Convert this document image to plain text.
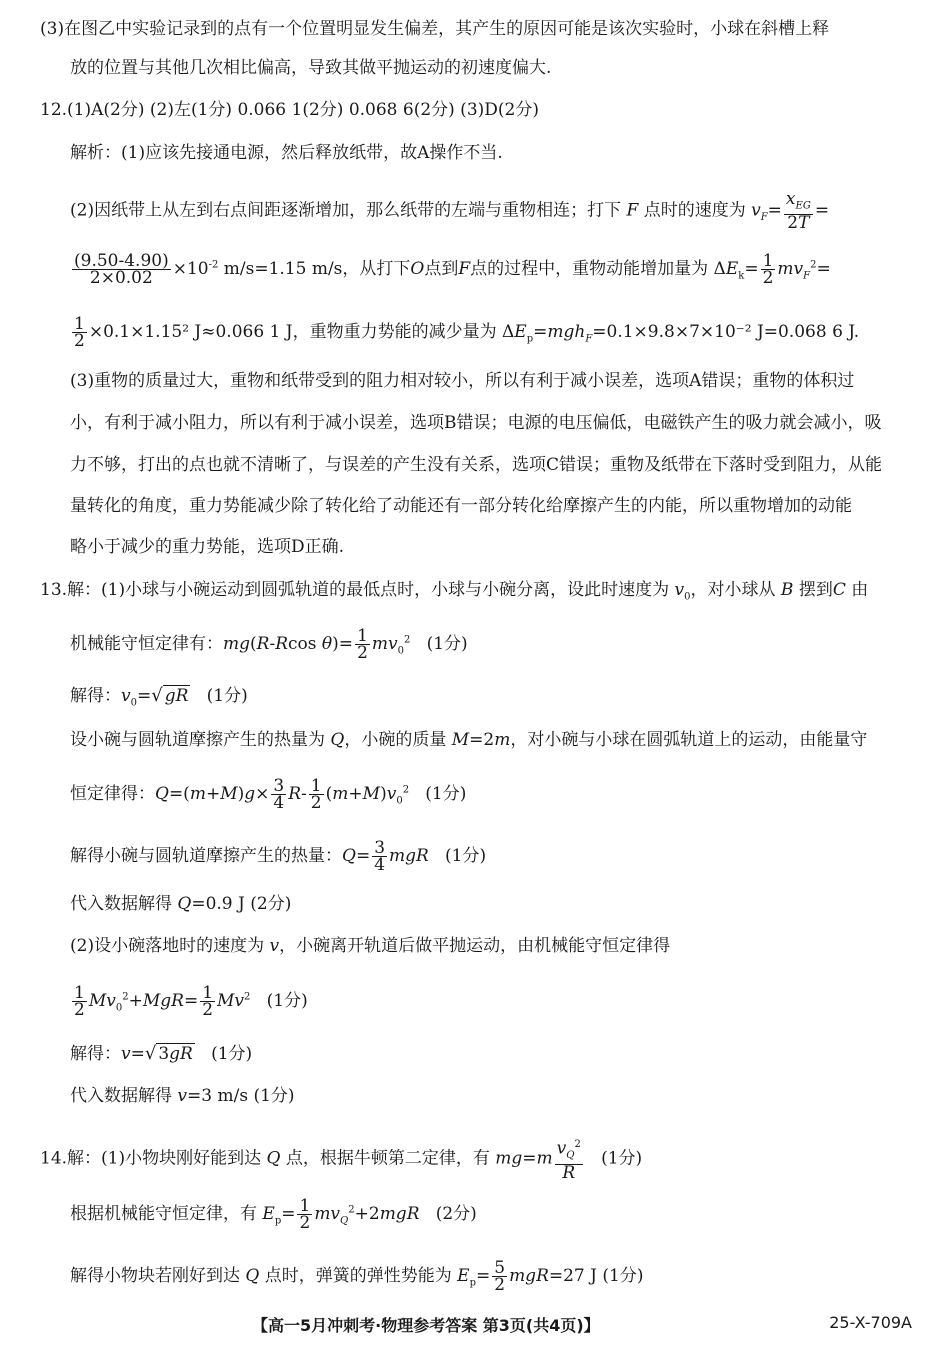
(3)在图乙中实验记录到的点有一个位置明显发生偏差，其产生的原因可能是该次实验时，小球在斜槽上释
放的位置与其他几次相比偏高，导致其做平抛运动的初速度偏大.
12.(1)A(2分) (2)左(1分) 0.066 1(2分) 0.068 6(2分) (3)D(2分)
解析：(1)应该先接通电源，然后释放纸带，故A操作不当.
(2)因纸带上从左到右点间距逐渐增加，那么纸带的左端与重物相连；打下 F 点时的速度为 $v_F=$
$x_{EG}$
2T
=
$\frac{(9.50-4.90)}{2\times 0.02} \times 10^{-2}$ m/s=1.15 m/s，从打下O点到F点的过程中，重物动能增加量为 $\Delta E_k= \frac{1}{2} mv_F^2=$
$\frac{1}{2} \times 0.1\times 1.15^2$ J≈0.066 1 J，重物重力势能的减少量为 $\Delta E_p=mgh_F=0.1\times 9.8\times 7\times 10^{-2}$ J=0.068 6 J.
(3)重物的质量过大，重物和纸带受到的阻力相对较小，所以有利于减小误差，选项A错误；重物的体积过
小，有利于减小阻力，所以有利于减小误差，选项B错误；电源的电压偏低，电磁铁产生的吸力就会减小，吸
力不够，打出的点也就不清晰了，与误差的产生没有关系，选项C错误；重物及纸带在下落时受到阻力，从能
量转化的角度，重力势能减少除了转化给了动能还有一部分转化给摩擦产生的内能，所以重物增加的动能
略小于减少的重力势能，选项D正确.
13.解：(1)小球与小碗运动到圆弧轨道的最低点时，小球与小碗分离，设此时速度为 $v_0$，对小球从 B 摆到C 由
机械能守恒定律有：mg(R-Rcos $\theta)= \frac{1}{2} mv_0^2$ (1分)
解得：$v_0=√$ gR (1分)
设小碗与圆轨道摩擦产生的热量为 Q，小碗的质量 M=2m，对小碗与小球在圆弧轨道上的运动，由能量守
恒定律得：$Q=(m+M)g\times \frac{3}{4} R- \frac{1}{2} (m+M)v_0^2$ (1分)
解得小碗与圆轨道摩擦产生的热量：$Q= \frac{3}{4}$ mgR (1分)
代入数据解得 Q=0.9 J (2分)
(2)设小碗落地时的速度为 v，小碗离开轨道后做平抛运动，由机械能守恒定律得
$\frac{1}{2} Mv_0^2+MgR= \frac{1}{2} Mv^2$ (1分)
解得：v=√ 3gR (1分)
代入数据解得 v=3 m/s (1分)
14.解：(1)小物块刚好能到达 Q 点，根据牛顿第二定律，有 $mg=m \frac{v_Q^2}{R} (1$分)
根据机械能守恒定律，有 $E_p= \frac{1}{2} mv_Q^2+2mgR$ (2分)
解得小物块若刚好到达 Q 点时，弹簧的弹性势能为 $E_p= \frac{5}{2} mgR=27$ J (1分)
【高一5月冲刺考·物理参考答案 第3页(共4页)】	25-X-709A
